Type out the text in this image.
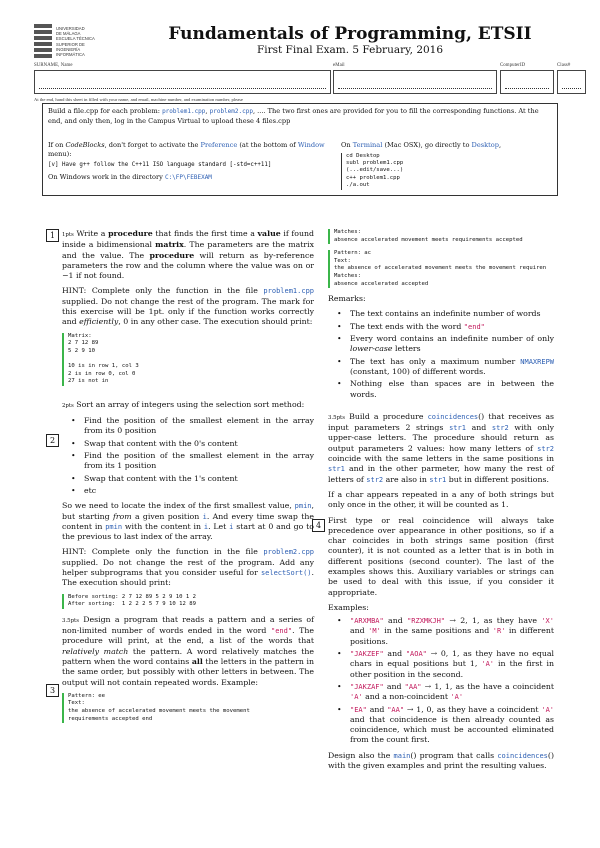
UNIVERSIDAD
DE MÁLAGA
ESCUELA TÉCNICA
SUPERIOR DE
INGENIERÍA
INFORMÁTICA
Fundamentals of Programming, ETSII
First Final Exam. 5 February, 2016
SURNAME, Name	eMail	ComputerID	Class#
At the end, hand this sheet in filled with your name, and email, machine number, and examination number, please
Build a file.cpp for each problem: problem1.cpp, problem2.cpp, .... The two first ones are provided for you to fill the corresponding functions. At the end, and only then, log in the Campus Virtual to upload these 4 files.cpp
If on CodeBlocks, don't forget to activate the Preference (at the bottom of Window menu):
[v] Have g++ follow the C++11 ISO language standard [-std=c++11]
On Windows work in the directory C:\FP\FEBEXAM
On Terminal (Mac OSX), go directly to Desktop,
cd Desktop
subl problem1.cpp
(...edit/save...)
c++ problem1.cpp
./a.out
1
2
3
4
1pts Write a procedure that finds the first time a value if found inside a bidimensional matrix. The parameters are the matrix and the value. The procedure will return as by-reference parameters the row and the column where the value was on or −1 if not found.
HINT: Complete only the function in the file problem1.cpp supplied. Do not change the rest of the program. The mark for this exercise will be 1pt. only if the function works correctly and efficiently, 0 in any other case. The execution should print:
Matrix:
2 7 12 89
5 2 9 10

10 is in row 1, col 3
2 is in row 0, col 0
27 is not in
2pts Sort an array of integers using the selection sort method:
• Find the position of the smallest element in the array from its 0 position
• Swap that content with the 0's content
• Find the position of the smallest element in the array from its 1 position
• Swap that content with the 1's content
• etc
So we need to locate the index of the first smallest value, pmin, but starting from a given position i. And every time swap the content in pmin with the content in i. Let i start at 0 and go to the previous to last index of the array.
HINT: Complete only the function in the file problem2.cpp supplied. Do not change the rest of the program. Add any helper subprograms that you consider useful for selectSort(). The execution should print:
Before sorting: 2 7 12 89 5 2 9 10 1 2
After sorting:  1 2 2 2 5 7 9 10 12 89
3.5pts Design a program that reads a pattern and a series of non-limited number of words ended in the word "end". The procedure will print, at the end, a list of the words that relatively match the pattern. A word relatively matches the pattern when the word contains all the letters in the pattern in the same order, but possibly with other letters in between. The output will not contain repeated words. Example:
Pattern: ee
Text:
the absence of accelerated movement meets the movement
requirements accepted end
Matches:
absence accelerated movement meets requirements accepted
Pattern: ac
Text:
the absence of accelerated movement meets the movement requiren
Matches:
absence accelerated accepted
Remarks:
• The text contains an indefinite number of words
• The text ends with the word "end"
• Every word contains an indefinite number of only lower-case letters
• The text has only a maximum number NMAXREPW (constant, 100) of different words.
• Nothing else than spaces are in between the words.
3.5pts Build a procedure coincidences() that receives as input parameters 2 strings str1 and str2 with only upper-case letters. The procedure should return as output parameters 2 values: how many letters of str2 coincide with the same letters in the same positions in str1 and in the other parmeter, how many the rest of letters of str2 are also in str1 but in different positions.
If a char appears repeated in a any of both strings but only once in the other, it will be counted as 1.
First type or real coincidence will always take precedence over appearance in other positions, so if a char coincides in both strings same position (first counter), it is not counted as a letter that is in both in different positions (second counter). The last of the examples shows this. Auxiliary variables or strings can be used to deal with this issue, if you consider it appropriate.
Examples:
• "ARXMBA" and "RZXMKJH" → 2, 1, as they have 'X' and 'M' in the same positions and 'R' in different positions.
• "JAKZEF" and "AOA" → 0, 1, as they have no equal chars in equal positions but 1, 'A' in the first in other position in the second.
• "JAKZAF" and "AA" → 1, 1, as the have a coincident 'A' and a non-coincident 'A'
• "EA" and "AA" → 1, 0, as they have a coincident 'A' and that coincidence is then already counted as coincidence, which must be accounted eliminated from the count first.
Design also the main() program that calls coincidences() with the given examples and print the resulting values.
